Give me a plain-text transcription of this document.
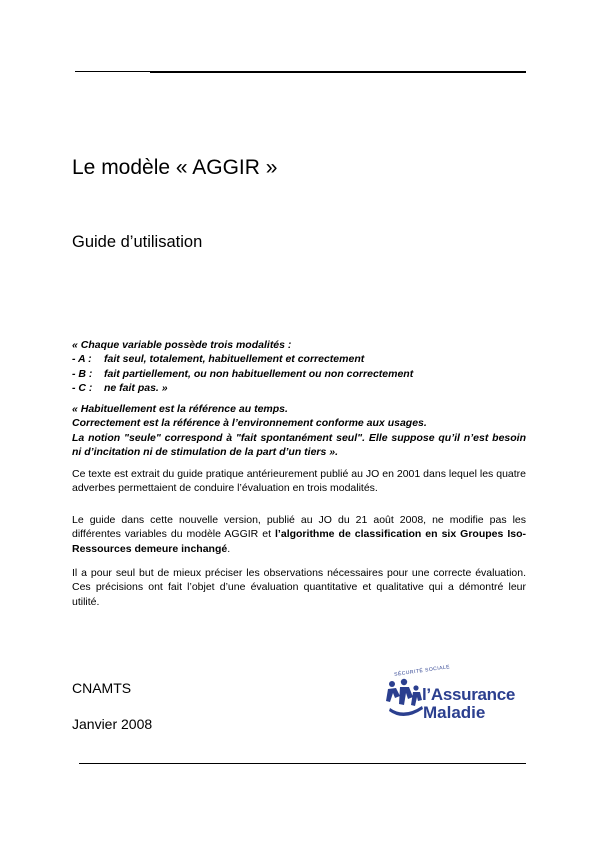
Le modèle « AGGIR »
Guide d’utilisation
« Chaque variable possède trois modalités :
- A : fait seul, totalement, habituellement et correctement
- B : fait partiellement, ou non habituellement ou non correctement
- C : ne fait pas. »
« Habituellement est la référence au temps.
Correctement est la référence à l’environnement conforme aux usages.
La notion "seule" correspond à "fait spontanément seul". Elle suppose qu’il n’est besoin ni d’incitation ni de stimulation de la part d’un tiers ».
Ce texte est extrait du guide pratique antérieurement publié au JO en 2001 dans lequel les quatre adverbes permettaient de conduire l’évaluation en trois modalités.
Le guide dans cette nouvelle version, publié au JO du 21 août 2008, ne modifie pas les différentes variables du modèle AGGIR et l’algorithme de classification en six Groupes Iso-Ressources demeure inchangé.
Il a pour seul but de mieux préciser les observations nécessaires pour une correcte évaluation. Ces précisions ont fait l’objet d’une évaluation quantitative et qualitative qui a démontré leur utilité.
CNAMTS
Janvier 2008
SÉCURITÉ SOCIALE
l’Assurance
Maladie
